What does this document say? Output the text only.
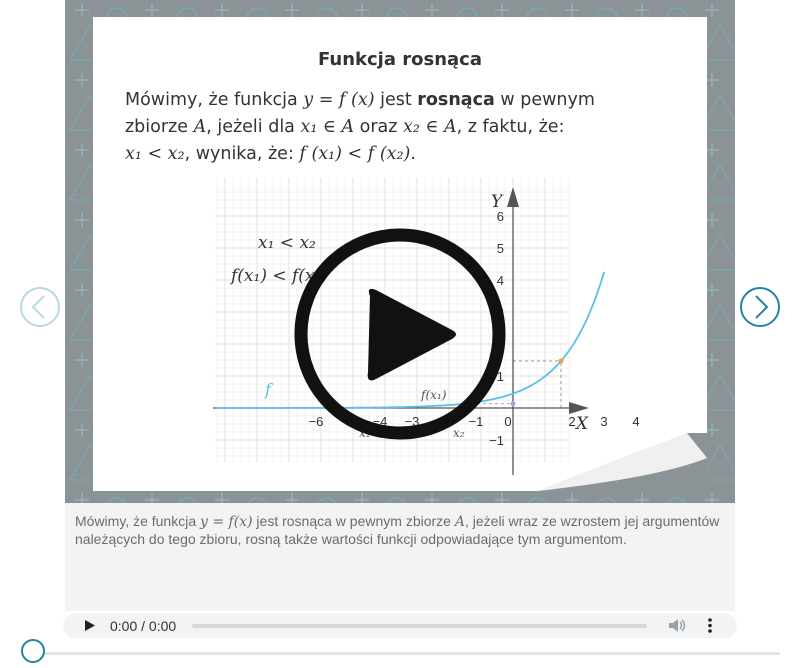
Funkcja rosnąca
Mówimy, że funkcja y = f (x) jest rosnąca w pewnym
zbiorze A, jeżeli dla x₁ ∈ A oraz x₂ ∈ A, z faktu, że:
x₁ < x₂, wynika, że: f (x₁) < f (x₂).
−6 −5 −4 −3 −2 −1 0	2 3 4
6
5
4
3
2
1
−1
X
Y
x₁ < x₂
f(x₁) < f(x₂)
f	f(x₁)
x₁	x₂
Mówimy, że funkcja y = f(x) jest rosnąca w pewnym zbiorze A, jeżeli wraz ze wzrostem jej argumentów należących do tego zbioru, rosną także wartości funkcji odpowiadające tym argumentom.
0:00 / 0:00
